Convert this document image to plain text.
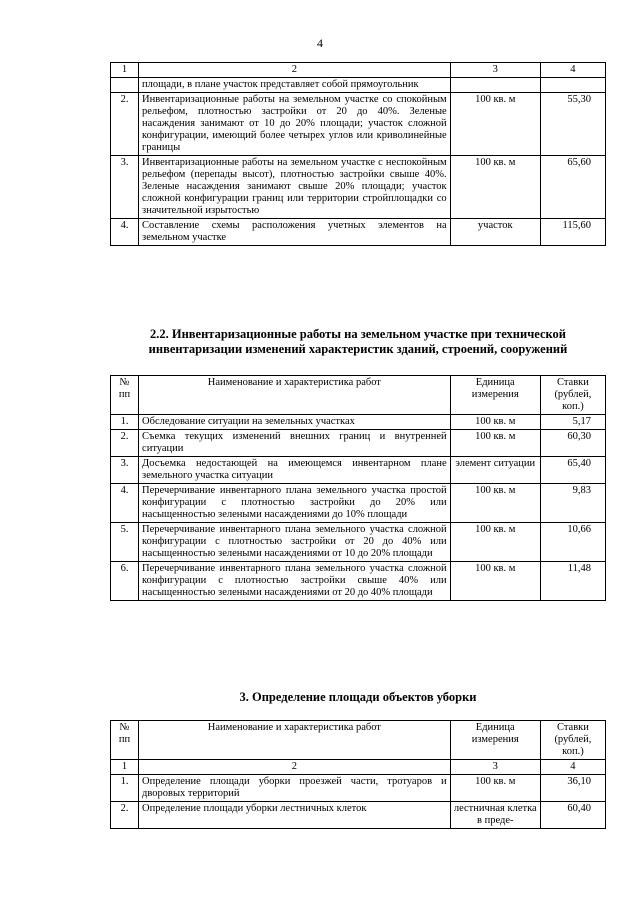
4
1	2	3	4
	площади, в плане участок представляет собой прямоугольник		
2.	Инвентаризационные работы на земельном участке со спокойным рельефом, плотностью застройки от 20 до 40%. Зеленые насаждения занимают от 10 до 20% площади; участок сложной конфигурации, имеющий более четырех углов или криволинейные границы	100 кв. м	55,30
3.	Инвентаризационные работы на земельном участке с неспокойным рельефом (перепады высот), плотностью застройки свыше 40%. Зеленые насаждения занимают свыше 20% площади; участок сложной конфигурации границ или территории стройплощадки со значительной изрытостью	100 кв. м	65,60
4.	Составление схемы расположения учетных элементов на земельном участке	участок	115,60
2.2. Инвентаризационные работы на земельном участке при технической инвентаризации изменений характеристик зданий, строений, сооружений
№ пп	Наименование и характеристика работ	Единица измерения	Ставки (рублей, коп.)
1.	Обследование ситуации на земельных участках	100 кв. м	5,17
2.	Съемка текущих изменений внешних границ и внутренней ситуации	100 кв. м	60,30
3.	Досъемка недостающей на имеющемся инвентарном плане земельного участка ситуации	элемент ситуации	65,40
4.	Перечерчивание инвентарного плана земельного участка простой конфигурации с плотностью застройки до 20% или насыщенностью зелеными насаждениями до 10% площади	100 кв. м	9,83
5.	Перечерчивание инвентарного плана земельного участка сложной конфигурации с плотностью застройки от 20 до 40% или насыщенностью зелеными насаждениями от 10 до 20% площади	100 кв. м	10,66
6.	Перечерчивание инвентарного плана земельного участка сложной конфигурации с плотностью застройки свыше 40% или насыщенностью зелеными насаждениями от 20 до 40% площади	100 кв. м	11,48
3. Определение площади объектов уборки
№ пп	Наименование и характеристика работ	Единица измерения	Ставки (рублей, коп.)
1	2	3	4
1.	Определение площади уборки проезжей части, тротуаров и дворовых территорий	100 кв. м	36,10
2.	Определение площади уборки лестничных клеток	лестничная клетка в преде-	60,40
